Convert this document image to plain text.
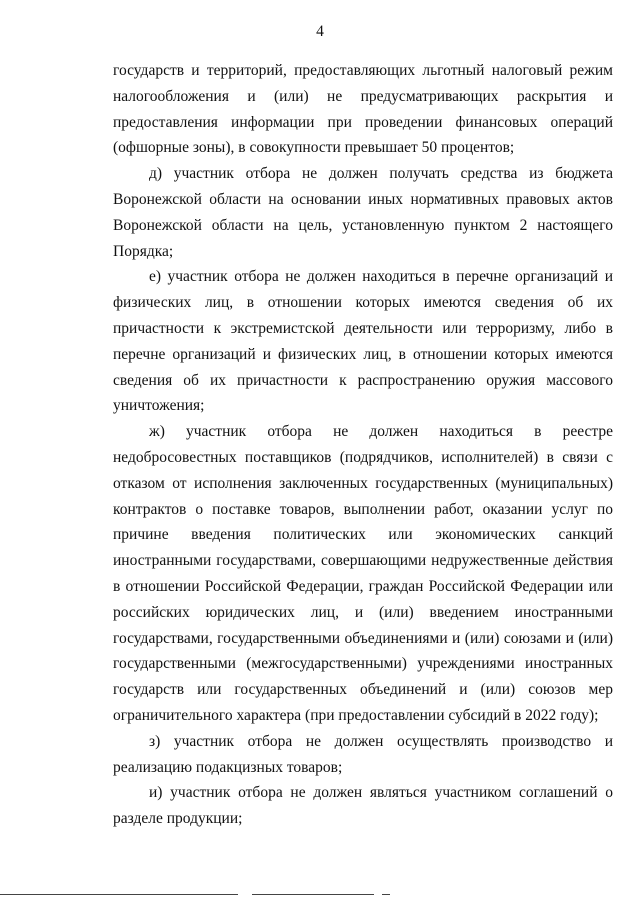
4

государств и территорий, предоставляющих льготный налоговый режим налогообложения и (или) не предусматривающих раскрытия и предоставления информации при проведении финансовых операций (офшорные зоны), в совокупности превышает 50 процентов;

д) участник отбора не должен получать средства из бюджета Воронежской области на основании иных нормативных правовых актов Воронежской области на цель, установленную пунктом 2 настоящего Порядка;

е) участник отбора не должен находиться в перечне организаций и физических лиц, в отношении которых имеются сведения об их причастности к экстремистской деятельности или терроризму, либо в перечне организаций и физических лиц, в отношении которых имеются сведения об их причастности к распространению оружия массового уничтожения;

ж) участник отбора не должен находиться в реестре недобросовестных поставщиков (подрядчиков, исполнителей) в связи с отказом от исполнения заключенных государственных (муниципальных) контрактов о поставке товаров, выполнении работ, оказании услуг по причине введения политических или экономических санкций иностранными государствами, совершающими недружественные действия в отношении Российской Федерации, граждан Российской Федерации или российских юридических лиц, и (или) введением иностранными государствами, государственными объединениями и (или) союзами и (или) государственными (межгосударственными) учреждениями иностранных государств или государственных объединений и (или) союзов мер ограничительного характера (при предоставлении субсидий в 2022 году);

з) участник отбора не должен осуществлять производство и реализацию подакцизных товаров;

и) участник отбора не должен являться участником соглашений о разделе продукции;
